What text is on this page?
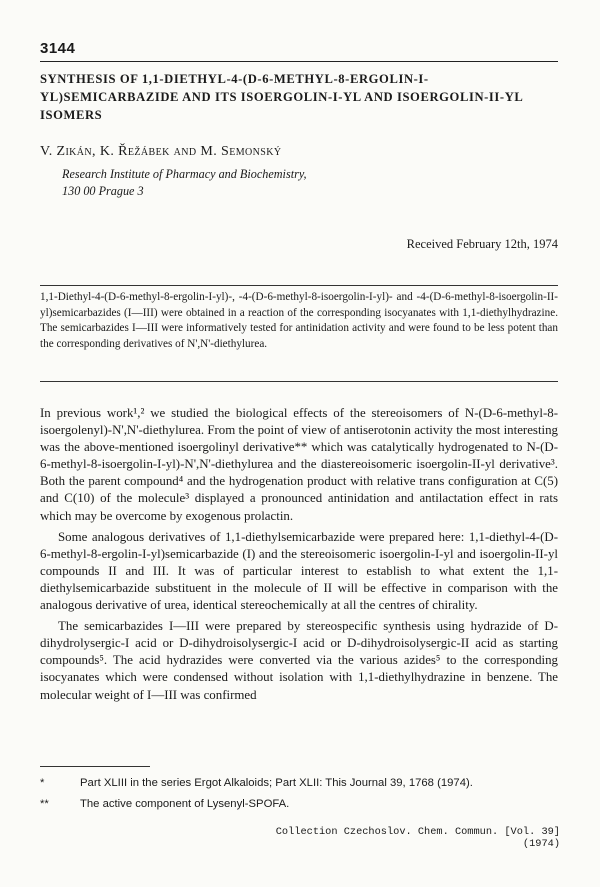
3144
SYNTHESIS OF 1,1-DIETHYL-4-(D-6-METHYL-8-ERGOLIN-I-YL)SEMICARBAZIDE AND ITS ISOERGOLIN-I-YL AND ISOERGOLIN-II-YL ISOMERS
V. Zikán, K. Řežábek and M. Semonský
Research Institute of Pharmacy and Biochemistry,
130 00 Prague 3
Received February 12th, 1974
1,1-Diethyl-4-(D-6-methyl-8-ergolin-I-yl)-, -4-(D-6-methyl-8-isoergolin-I-yl)- and -4-(D-6-methyl-8-isoergolin-II-yl)semicarbazides (I—III) were obtained in a reaction of the corresponding isocyanates with 1,1-diethylhydrazine. The semicarbazides I—III were informatively tested for antinidation activity and were found to be less potent than the corresponding derivatives of N',N'-diethylurea.

In previous work¹,² we studied the biological effects of the stereoisomers of N-(D-6-methyl-8-isoergolenyl)-N',N'-diethylurea. From the point of view of antiserotonin activity the most interesting was the above-mentioned isoergolinyl derivative** which was catalytically hydrogenated to N-(D-6-methyl-8-isoergolin-I-yl)-N',N'-diethylurea and the diastereoisomeric isoergolin-II-yl derivative³. Both the parent compound⁴ and the hydrogenation product with relative trans configuration at C(5) and C(10) of the molecule³ displayed a pronounced antinidation and antilactation effect in rats which may be overcome by exogenous prolactin.

Some analogous derivatives of 1,1-diethylsemicarbazide were prepared here: 1,1-diethyl-4-(D-6-methyl-8-ergolin-I-yl)semicarbazide (I) and the stereoisomeric isoergolin-I-yl and isoergolin-II-yl compounds II and III. It was of particular interest to establish to what extent the 1,1-diethylsemicarbazide substituent in the molecule of II will be effective in comparison with the analogous derivative of urea, identical stereochemically at all the centres of chirality.

The semicarbazides I—III were prepared by stereospecific synthesis using hydrazide of D-dihydrolysergic-I acid or D-dihydroisolysergic-I acid or D-dihydroisolysergic-II acid as starting compounds⁵. The acid hydrazides were converted via the various azides⁵ to the corresponding isocyanates which were condensed without isolation with 1,1-diethylhydrazine in benzene. The molecular weight of I—III was confirmed

*	Part XLIII in the series Ergot Alkaloids; Part XLII: This Journal 39, 1768 (1974).
**	The active component of Lysenyl-SPOFA.
Collection Czechoslov. Chem. Commun. [Vol. 39] (1974)
